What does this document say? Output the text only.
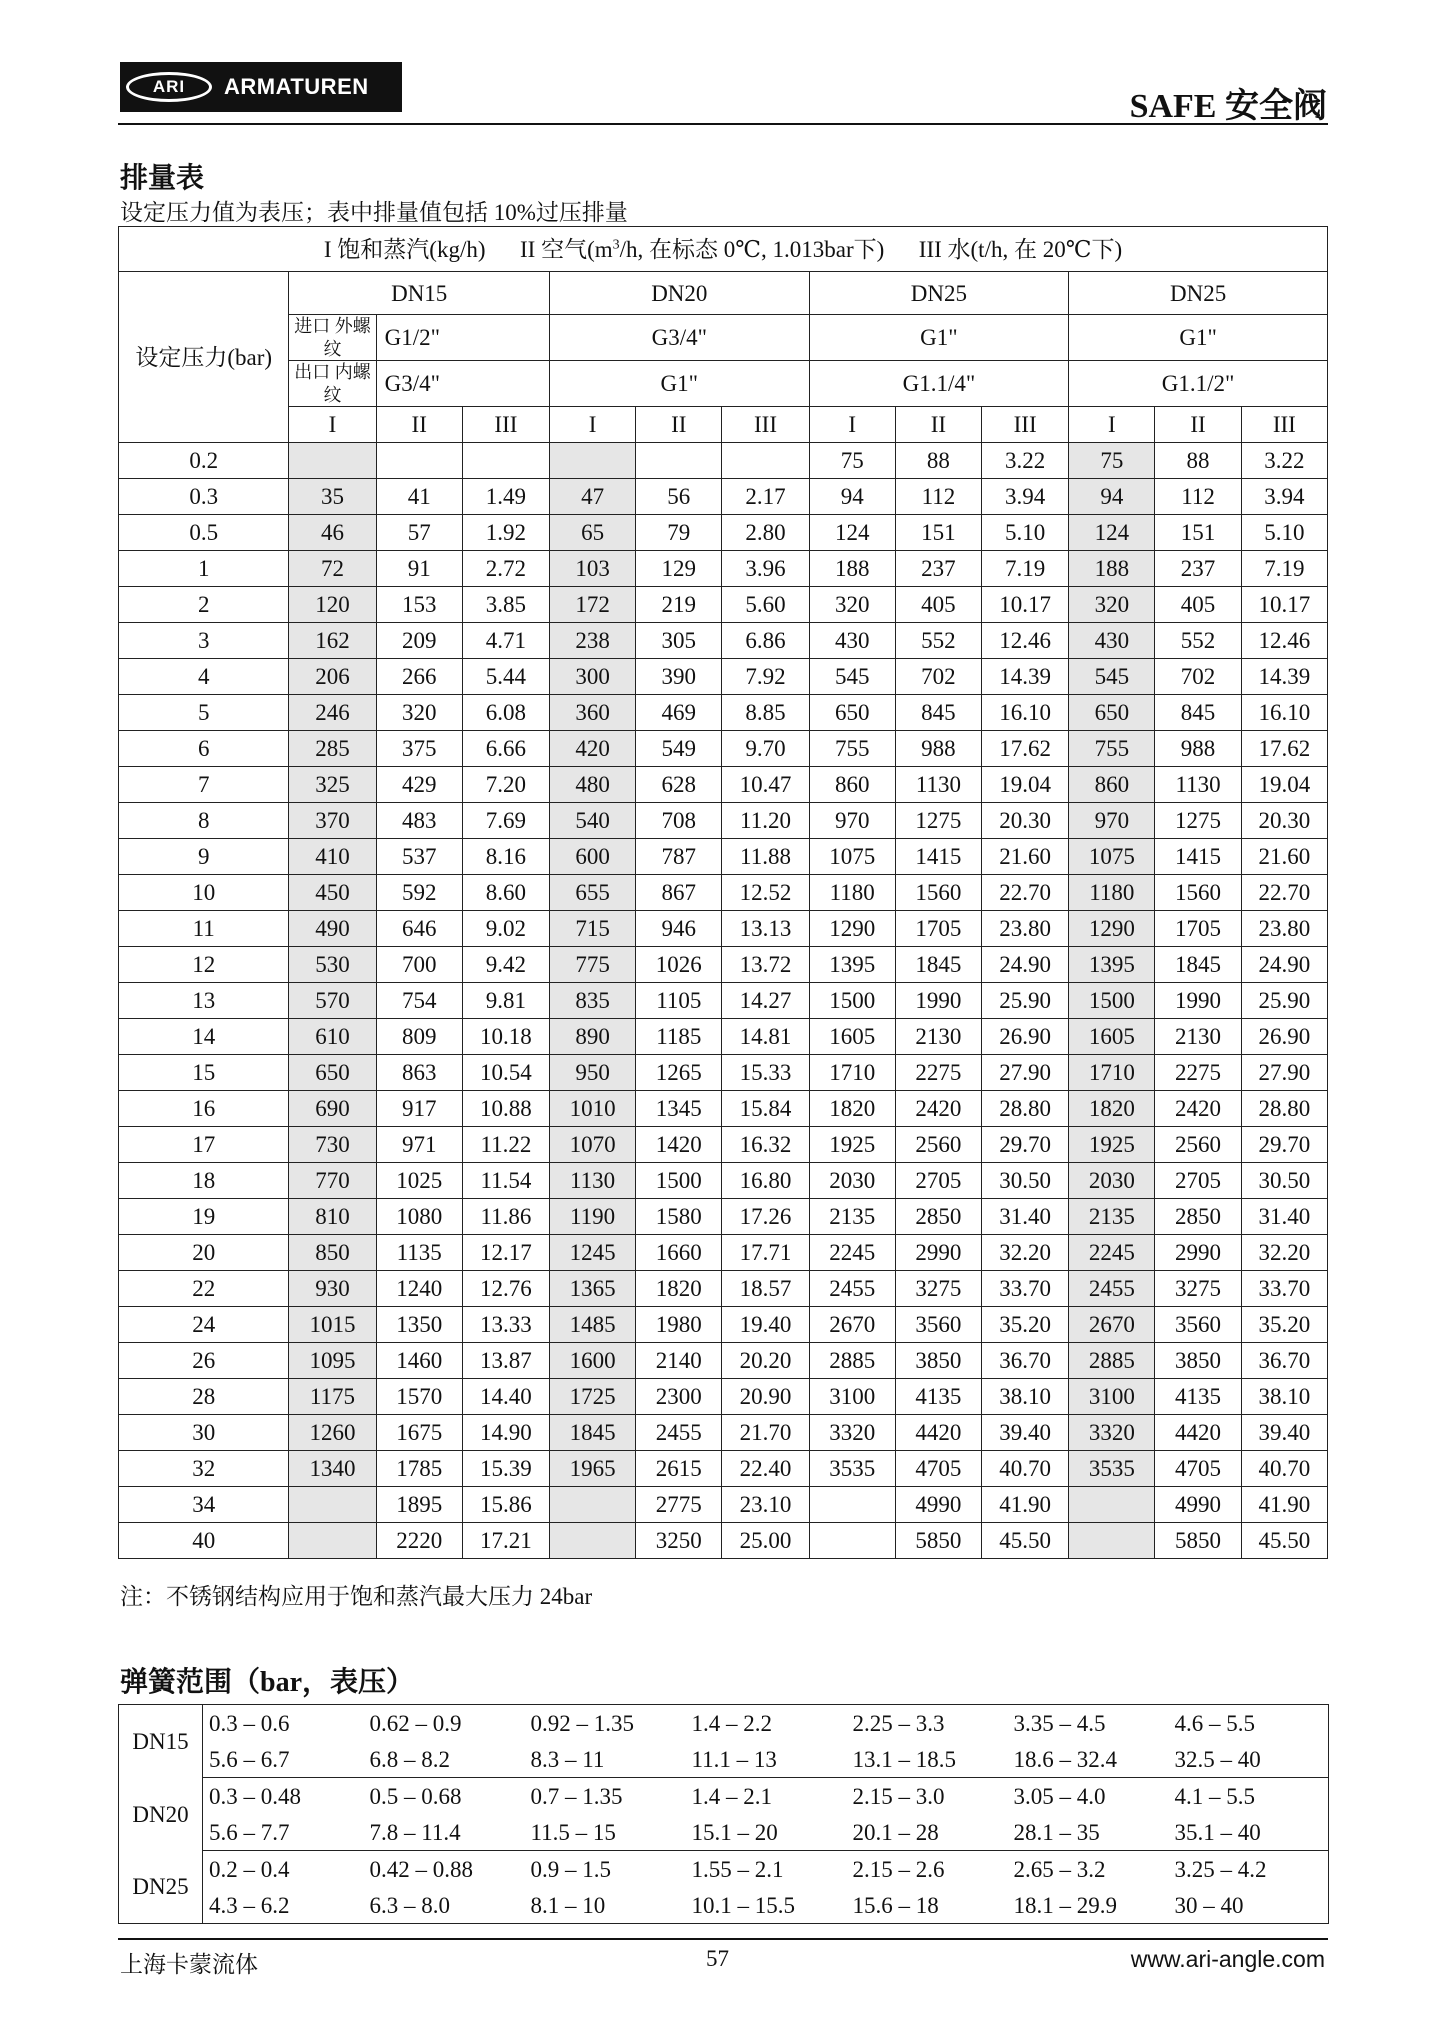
ARI	ARMATUREN
SAFE 安全阀
排量表
设定压力值为表压；表中排量值包括 10%过压排量
I 饱和蒸汽(kg/h) II 空气($m^3/h$, 在标态 0℃, 1.013bar下) III 水(t/h, 在 20℃下)												
设定压力(bar)	DN15			DN20			DN25			DN25		
	进口 外螺纹	G1/2"		G3/4"			G1"			G1"		
	出口 内螺纹	G3/4"		G1"			G1.1/4"			G1.1/2"		
	I	II	III	I	II	III	I	II	III	I	II	III
0.2							75	88	3.22	75	88	3.22
0.3	35	41	1.49	47	56	2.17	94	112	3.94	94	112	3.94
0.5	46	57	1.92	65	79	2.80	124	151	5.10	124	151	5.10
1	72	91	2.72	103	129	3.96	188	237	7.19	188	237	7.19
2	120	153	3.85	172	219	5.60	320	405	10.17	320	405	10.17
3	162	209	4.71	238	305	6.86	430	552	12.46	430	552	12.46
4	206	266	5.44	300	390	7.92	545	702	14.39	545	702	14.39
5	246	320	6.08	360	469	8.85	650	845	16.10	650	845	16.10
6	285	375	6.66	420	549	9.70	755	988	17.62	755	988	17.62
7	325	429	7.20	480	628	10.47	860	1130	19.04	860	1130	19.04
8	370	483	7.69	540	708	11.20	970	1275	20.30	970	1275	20.30
9	410	537	8.16	600	787	11.88	1075	1415	21.60	1075	1415	21.60
10	450	592	8.60	655	867	12.52	1180	1560	22.70	1180	1560	22.70
11	490	646	9.02	715	946	13.13	1290	1705	23.80	1290	1705	23.80
12	530	700	9.42	775	1026	13.72	1395	1845	24.90	1395	1845	24.90
13	570	754	9.81	835	1105	14.27	1500	1990	25.90	1500	1990	25.90
14	610	809	10.18	890	1185	14.81	1605	2130	26.90	1605	2130	26.90
15	650	863	10.54	950	1265	15.33	1710	2275	27.90	1710	2275	27.90
16	690	917	10.88	1010	1345	15.84	1820	2420	28.80	1820	2420	28.80
17	730	971	11.22	1070	1420	16.32	1925	2560	29.70	1925	2560	29.70
18	770	1025	11.54	1130	1500	16.80	2030	2705	30.50	2030	2705	30.50
19	810	1080	11.86	1190	1580	17.26	2135	2850	31.40	2135	2850	31.40
20	850	1135	12.17	1245	1660	17.71	2245	2990	32.20	2245	2990	32.20
22	930	1240	12.76	1365	1820	18.57	2455	3275	33.70	2455	3275	33.70
24	1015	1350	13.33	1485	1980	19.40	2670	3560	35.20	2670	3560	35.20
26	1095	1460	13.87	1600	2140	20.20	2885	3850	36.70	2885	3850	36.70
28	1175	1570	14.40	1725	2300	20.90	3100	4135	38.10	3100	4135	38.10
30	1260	1675	14.90	1845	2455	21.70	3320	4420	39.40	3320	4420	39.40
32	1340	1785	15.39	1965	2615	22.40	3535	4705	40.70	3535	4705	40.70
34		1895	15.86		2775	23.10		4990	41.90		4990	41.90
40		2220	17.21		3250	25.00		5850	45.50		5850	45.50
注：不锈钢结构应用于饱和蒸汽最大压力 24bar
弹簧范围（bar，表压）
DN15	0.3 – 0.6	0.62 – 0.9	0.92 – 1.35	1.4 – 2.2	2.25 – 3.3	3.35 – 4.5	4.6 – 5.5
	5.6 – 6.7	6.8 – 8.2	8.3 – 11	11.1 – 13	13.1 – 18.5	18.6 – 32.4	32.5 – 40
DN20	0.3 – 0.48	0.5 – 0.68	0.7 – 1.35	1.4 – 2.1	2.15 – 3.0	3.05 – 4.0	4.1 – 5.5
	5.6 – 7.7	7.8 – 11.4	11.5 – 15	15.1 – 20	20.1 – 28	28.1 – 35	35.1 – 40
DN25	0.2 – 0.4	0.42 – 0.88	0.9 – 1.5	1.55 – 2.1	2.15 – 2.6	2.65 – 3.2	3.25 – 4.2
	4.3 – 6.2	6.3 – 8.0	8.1 – 10	10.1 – 15.5	15.6 – 18	18.1 – 29.9	30 – 40
上海卡蒙流体	57	www.ari-angle.com
